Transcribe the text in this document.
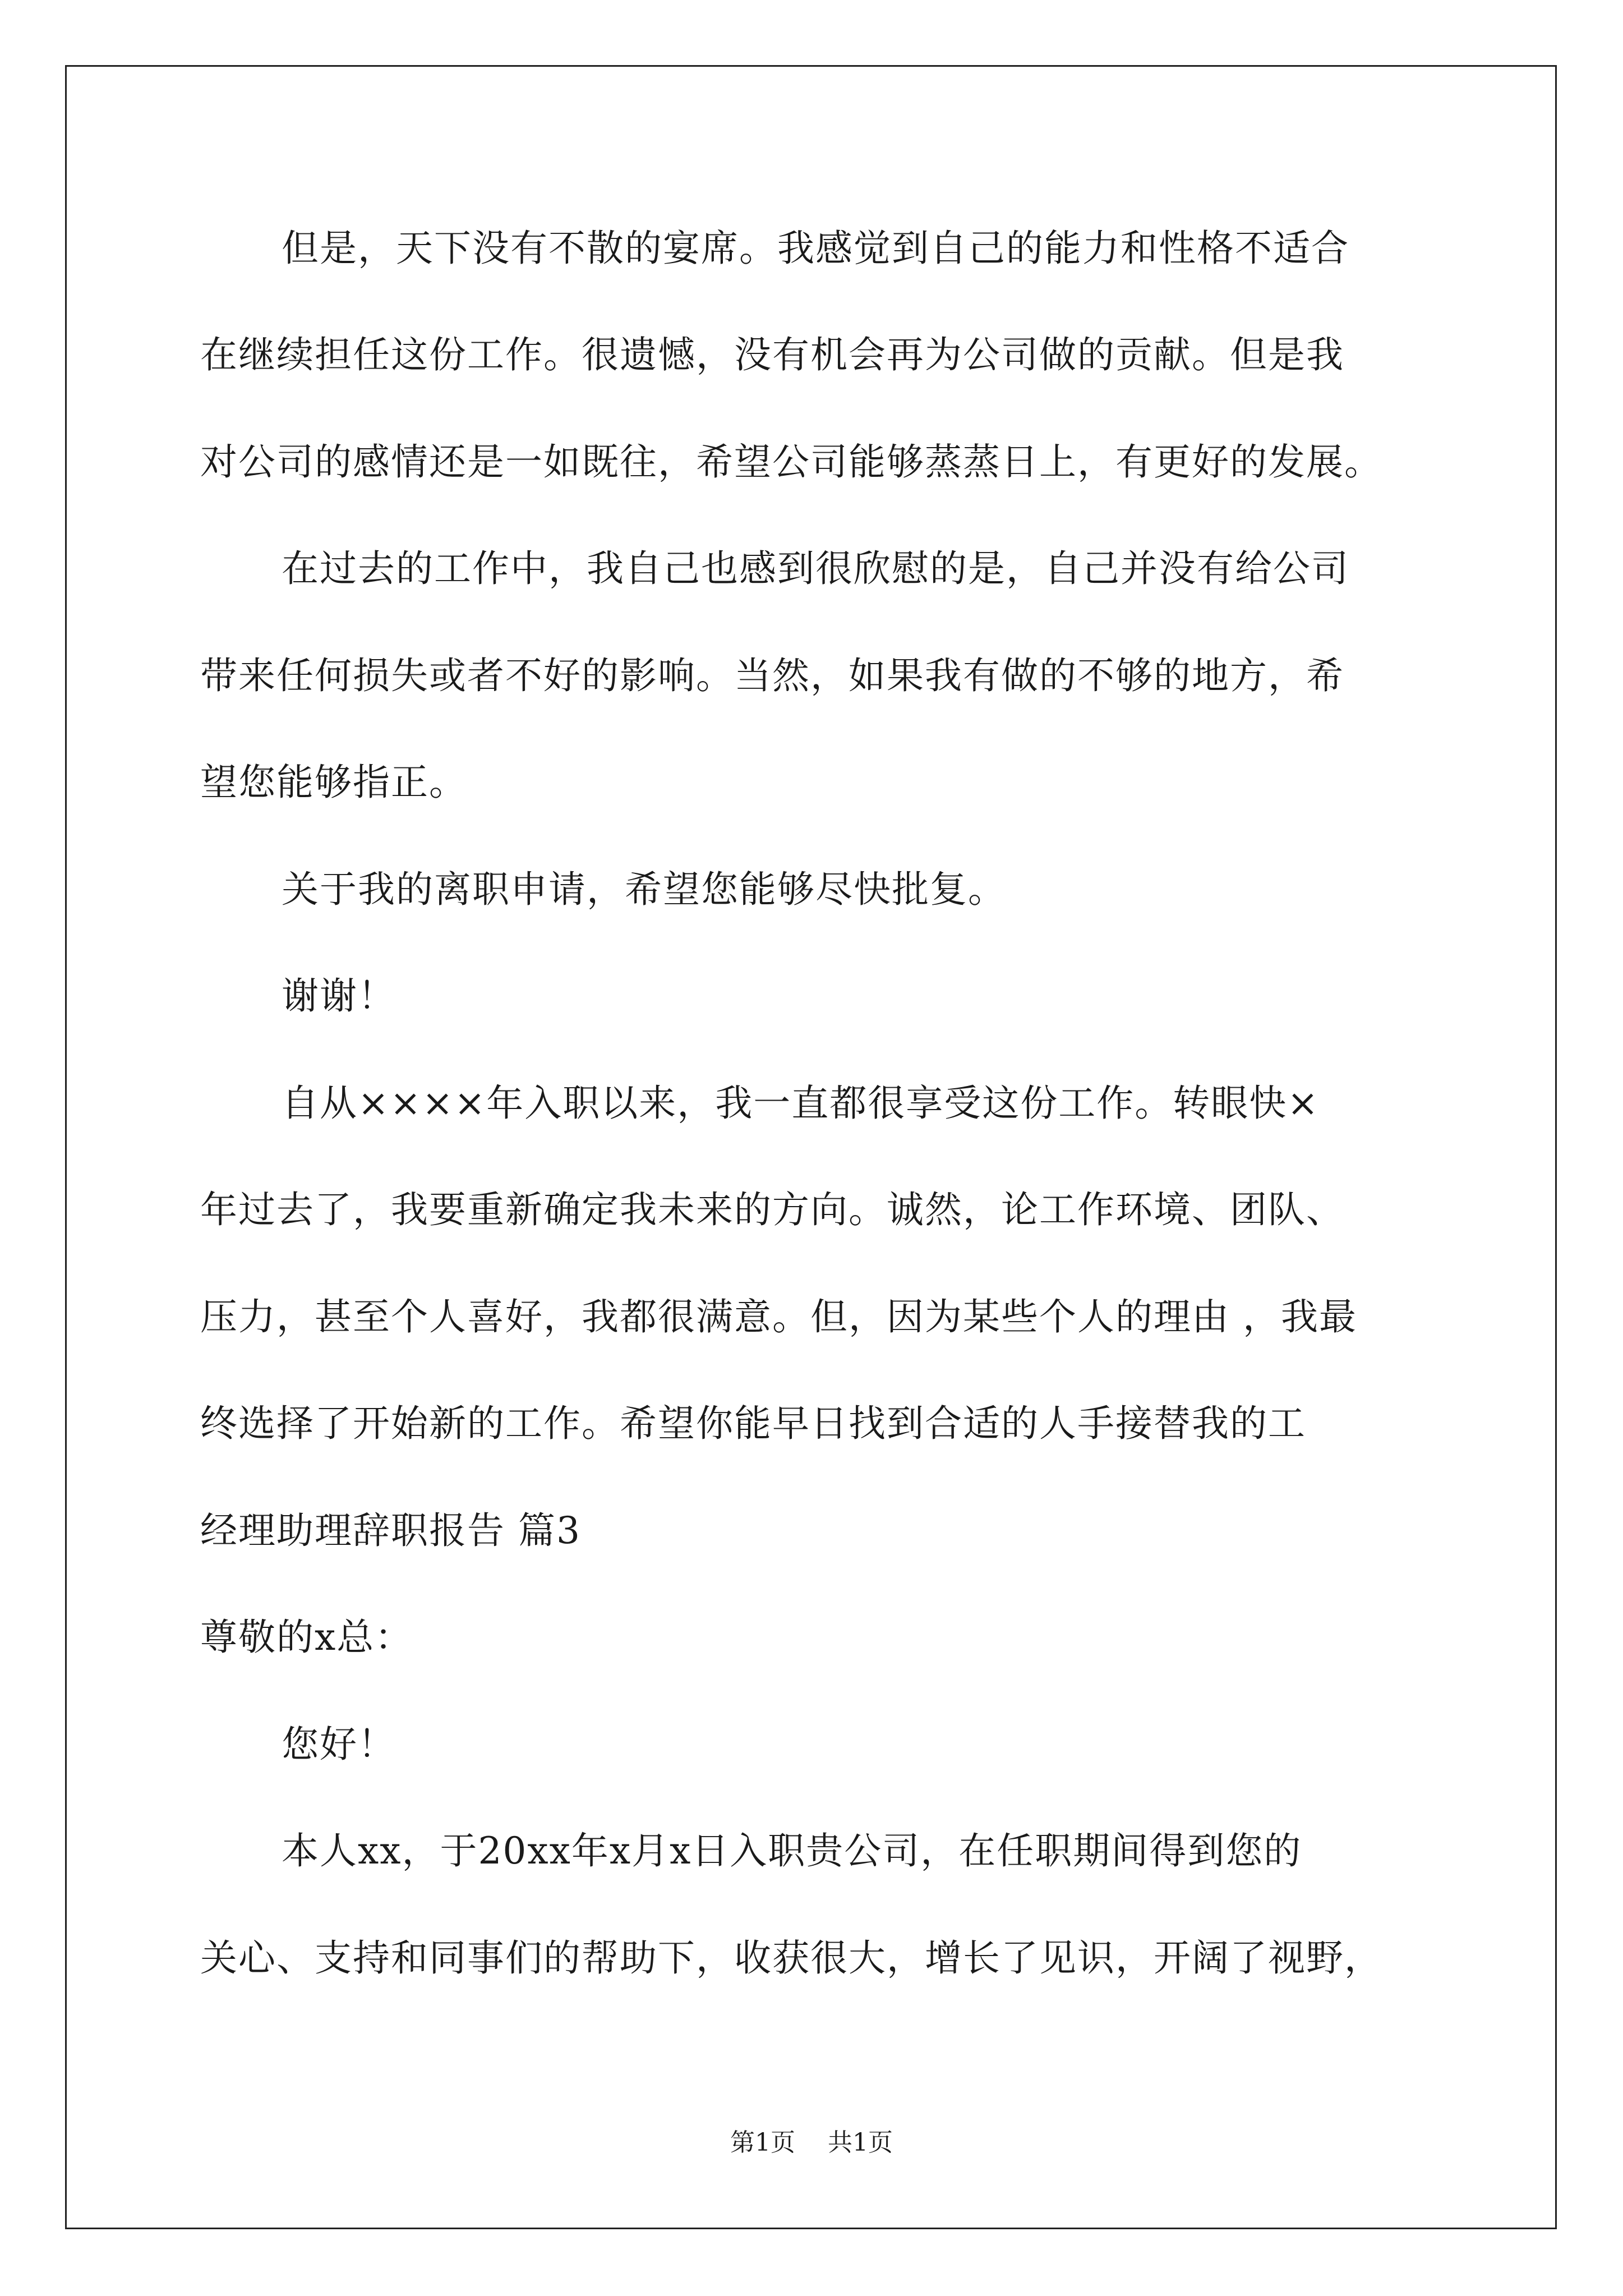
但是，天下没有不散的宴席。我感觉到自己的能力和性格不适合
在继续担任这份工作。很遗憾，没有机会再为公司做的贡献。但是我
对公司的感情还是一如既往，希望公司能够蒸蒸日上，有更好的发展。
在过去的工作中，我自己也感到很欣慰的是，自己并没有给公司
带来任何损失或者不好的影响。当然，如果我有做的不够的地方，希
望您能够指正。
关于我的离职申请，希望您能够尽快批复。
谢谢！
自从××××年入职以来，我一直都很享受这份工作。转眼快×
年过去了，我要重新确定我未来的方向。诚然，论工作环境、团队、
压力，甚至个人喜好，我都很满意。但，因为某些个人的理由 ，我最
终选择了开始新的工作。希望你能早日找到合适的人手接替我的工
经理助理辞职报告 篇3
尊敬的x总：
您好！
本人xx，于20xx年x月x日入职贵公司，在任职期间得到您的
关心、支持和同事们的帮助下，收获很大，增长了见识，开阔了视野，
第1页 共1页
